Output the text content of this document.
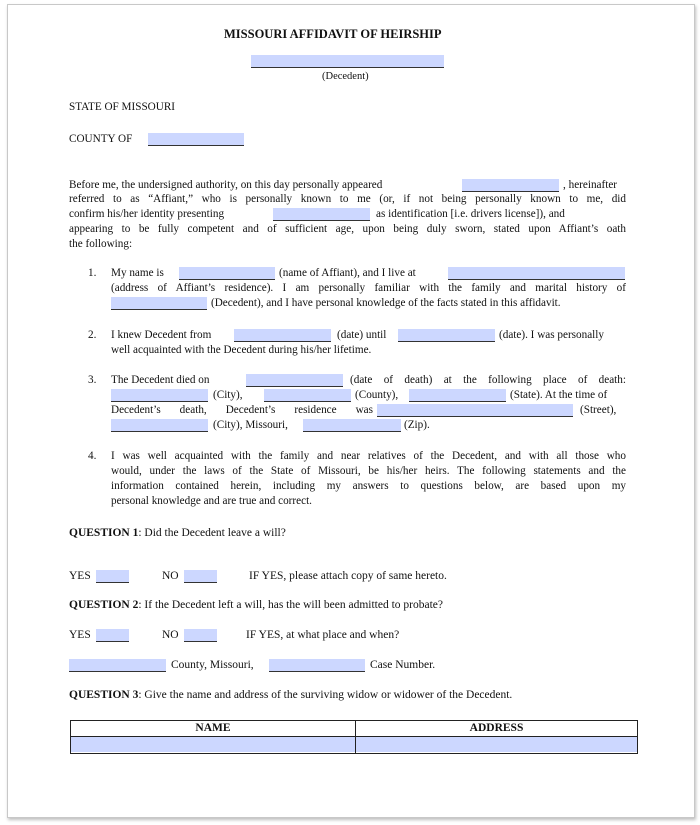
MISSOURI AFFIDAVIT OF HEIRSHIP
(Decedent)
STATE OF MISSOURI
COUNTY OF
Before me, the undersigned authority, on this day personally appeared	, hereinafter
referred to as “Affiant,” who is personally known to me (or, if not being personally known to me, did
confirm his/her identity presenting	as identification [i.e. drivers license]), and
appearing to be fully competent and of sufficient age, upon being duly sworn, stated upon Affiant’s oath
the following:
1. My name is	(name of Affiant), and I live at
(address of Affiant’s residence). I am personally familiar with the family and marital history of
(Decedent), and I have personal knowledge of the facts stated in this affidavit.
2. I knew Decedent from	(date) until	(date). I was personally
well acquainted with the Decedent during his/her lifetime.
3. The Decedent died on	(date of death) at the following place of death:
(City),	(County),	(State). At the time of
Decedent’s death, Decedent’s residence was	(Street),
(City), Missouri,	(Zip).
4. I was well acquainted with the family and near relatives of the Decedent, and with all those who
would, under the laws of the State of Missouri, be his/her heirs. The following statements and the
information contained herein, including my answers to questions below, are based upon my
personal knowledge and are true and correct.
QUESTION 1: Did the Decedent leave a will?
YES	NO	IF YES, please attach copy of same hereto.
QUESTION 2: If the Decedent left a will, has the will been admitted to probate?
YES	NO	IF YES, at what place and when?
County, Missouri,	Case Number.
QUESTION 3: Give the name and address of the surviving widow or widower of the Decedent.
NAME	ADDRESS
